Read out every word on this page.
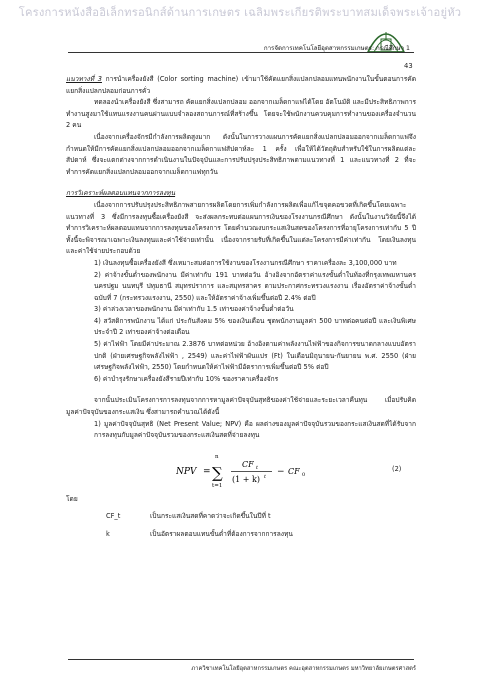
โครงการหนังสืออิเล็กทรอนิกส์ด้านการเกษตร เฉลิมพระเกียรติพระบาทสมเด็จพระเจ้าอยู่หัว
การจัดการเทคโนโลยีอุตสาหกรรมเกษตร: กรณีศึกษา 1
43

แนวทางที่ 3 การนำเครื่องยังสี (Color sorting machine) เข้ามาใช้คัดแยกสิ่งแปลกปลอมแทนพนักงานในขั้นตอนการคัดแยกสิ่งแปลกปลอมก่อนการคั่ว

ทดลองนำเครื่องยังสี ซึ่งสามารถ คัดแยกสิ่งแปลกปลอม ออกจากเมล็ดกาแฟได้โดย อัตโนมัติ และมีประสิทธิภาพการทำงานสูงมาใช้แทนแรงงานคนผ่านแบบจำลองสถานการณ์ที่สร้างขึ้น โดยจะใช้พนักงานควบคุมการทำงานของเครื่องจำนวน 2 คน

เนื่องจากเครื่องจักรมีกำลังการผลิตสูงมาก ดังนั้นในการวางแผนการคัดแยกสิ่งแปลกปลอมออกจากเมล็ดกาแฟจึงกำหนดให้มีการคัดแยกสิ่งแปลกปลอมออกจากเมล็ดกาแฟสัปดาห์ละ 1 ครั้ง เพื่อให้ได้วัตถุดิบสำหรับใช้ในการผลิตแต่ละสัปดาห์ ซึ่งจะแตกต่างจากการดำเนินงานในปัจจุบันและการปรับปรุงประสิทธิภาพตามแนวทางที่ 1 และแนวทางที่ 2 ที่จะทำการคัดแยกสิ่งแปลกปลอมออกจากเมล็ดกาแฟทุกวัน

การวิเคราะห์ผลตอบแทนจากการลงทุน

เนื่องจากการปรับปรุงประสิทธิภาพสายการผลิตโดยการเพิ่มกำลังการผลิตเพื่อแก้ไขจุดคอขวดที่เกิดขึ้นโดยเฉพาะแนวทางที่ 3 ซึ่งมีการลงทุนซื้อเครื่องยังสี จะส่งผลกระทบต่อแผนการเงินของโรงงานกรณีศึกษา ดังนั้นในงานวิจัยนี้จึงได้ทำการวิเคราะห์ผลตอบแทนจากการลงทุนของโครงการ โดยคำนวณงบกระแสเงินสดของโครงการที่อายุโครงการเท่ากับ 5 ปี ทั้งนี้จะพิจารณาเฉพาะเงินลงทุนและค่าใช้จ่ายเท่านั้น เนื่องจากรายรับที่เกิดขึ้นในแต่ละโครงการมีค่าเท่ากัน โดยเงินลงทุนและค่าใช้จ่ายประกอบด้วย

1) เงินลงทุนซื้อเครื่องยังสี ซึ่งเหมาะสมต่อการใช้งานของโรงงานกรณีศึกษา ราคาเครื่องละ 3,100,000 บาท

2) ค่าจ้างขั้นต่ำของพนักงาน มีค่าเท่ากับ 191 บาทต่อวัน อ้างอิงจากอัตราค่าแรงขั้นต่ำในท้องที่กรุงเทพมหานคร นครปฐม นนทบุรี ปทุมธานี สมุทรปราการ และสมุทรสาคร ตามประกาศกระทรวงแรงงาน เรื่องอัตราค่าจ้างขั้นต่ำ ฉบับที่ 7 (กระทรวงแรงงาน, 2550) และให้อัตราค่าจ้างเพิ่มขึ้นต่อปี 2.4% ต่อปี

3) ค่าล่วงเวลาของพนักงาน มีค่าเท่ากับ 1.5 เท่าของค่าจ้างขั้นต่ำต่อวัน

4) สวัสดิการพนักงาน ได้แก่ ประกันสังคม 5% ของเงินเดือน ชุดพนักงานมูลค่า 500 บาทต่อคนต่อปี และเงินพิเศษประจำปี 2 เท่าของค่าจ้างต่อเดือน

5) ค่าไฟฟ้า โดยมีค่าประมาณ 2.3876 บาทต่อหน่วย อ้างอิงตามค่าพลังงานไฟฟ้าของกิจการขนาดกลางแบบอัตราปกติ (ฝ่ายเศรษฐกิจพลังไฟฟ้า , 2549) และค่าไฟฟ้าผันแปร (Ft) ในเดือนมิถุนายน-กันยายน พ.ศ. 2550 (ฝ่ายเศรษฐกิจพลังไฟฟ้า, 2550) โดยกำหนดให้ค่าไฟฟ้ามีอัตราการเพิ่มขึ้นต่อปี 5% ต่อปี

6) ค่าบำรุงรักษาเครื่องยังสีรายปีเท่ากับ 10% ของราคาเครื่องจักร

จากนั้นประเมินโครงการการลงทุนจากการหามูลค่าปัจจุบันสุทธิของค่าใช้จ่ายและระยะเวลาคืนทุน เมื่อปรับคิดมูลค่าปัจจุบันของกระแสเงิน ซึ่งสามารถคำนวณได้ดังนี้

1) มูลค่าปัจจุบันสุทธิ (Net Present Value; NPV) คือ ผลต่างของมูลค่าปัจจุบันรวมของกระแสเงินสดที่ได้รับจากการลงทุนกับมูลค่าปัจจุบันรวมของกระแสเงินสดที่จ่ายลงทุน

NPV =
n
∑
t=1
CF t
(1 + k) t − CF 0
(2)

โดย

CF_t	เป็นกระแสเงินสดที่คาดว่าจะเกิดขึ้นในปีที่ t
k	เป็นอัตราผลตอบแทนขั้นต่ำที่ต้องการจากการลงทุน
ภาควิชาเทคโนโลยีอุตสาหกรรมเกษตร คณะอุตสาหกรรมเกษตร มหาวิทยาลัยเกษตรศาสตร์
